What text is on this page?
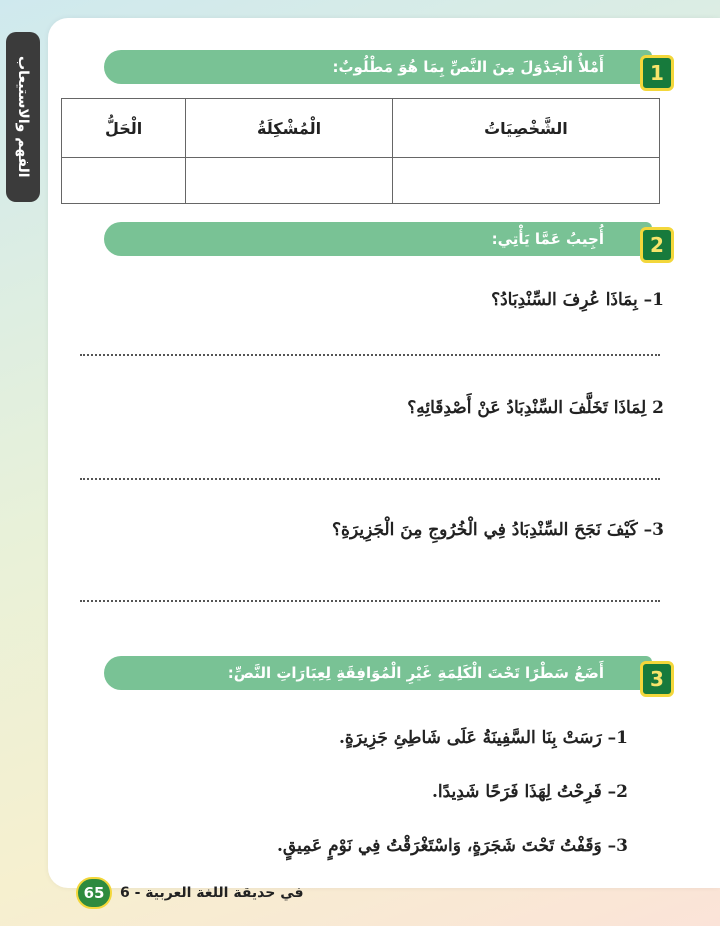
الفهم والاستيعاب	أَمْلأُ الْجَدْوَلَ مِنَ النَّصِّ بِمَا هُوَ مَطْلُوبٌ:	1
الشَّخْصِيَاتُ	الْمُشْكِلَةُ	الْحَلُّ

أُجِيبُ عَمَّا يَأْتِي:	2
1– بِمَاذَا عُرِفَ السِّنْدِبَادُ؟
2 لِمَاذَا تَخَلَّفَ السِّنْدِبَادُ عَنْ أَصْدِقَائِهِ؟
3– كَيْفَ نَجَحَ السِّنْدِبَادُ فِي الْخُرُوجِ مِنَ الْجَزِيرَةِ؟
أَضَعُ سَطْرًا تَحْتَ الْكَلِمَةِ غَيْرِ الْمُوَافِقَةِ لِعِبَارَاتِ النَّصِّ:	3
1– رَسَتْ بِنَا السَّفِينَةُ عَلَى شَاطِئِ جَزِيرَةٍ.
2– فَرِحْتُ لِهَذَا فَرَحًا شَدِيدًا.
3– وَقَفْتُ تَحْتَ شَجَرَةٍ، وَاسْتَغْرَقْتُ فِي نَوْمٍ عَمِيقٍ.
65	في حديقة اللغة العربية - 6
